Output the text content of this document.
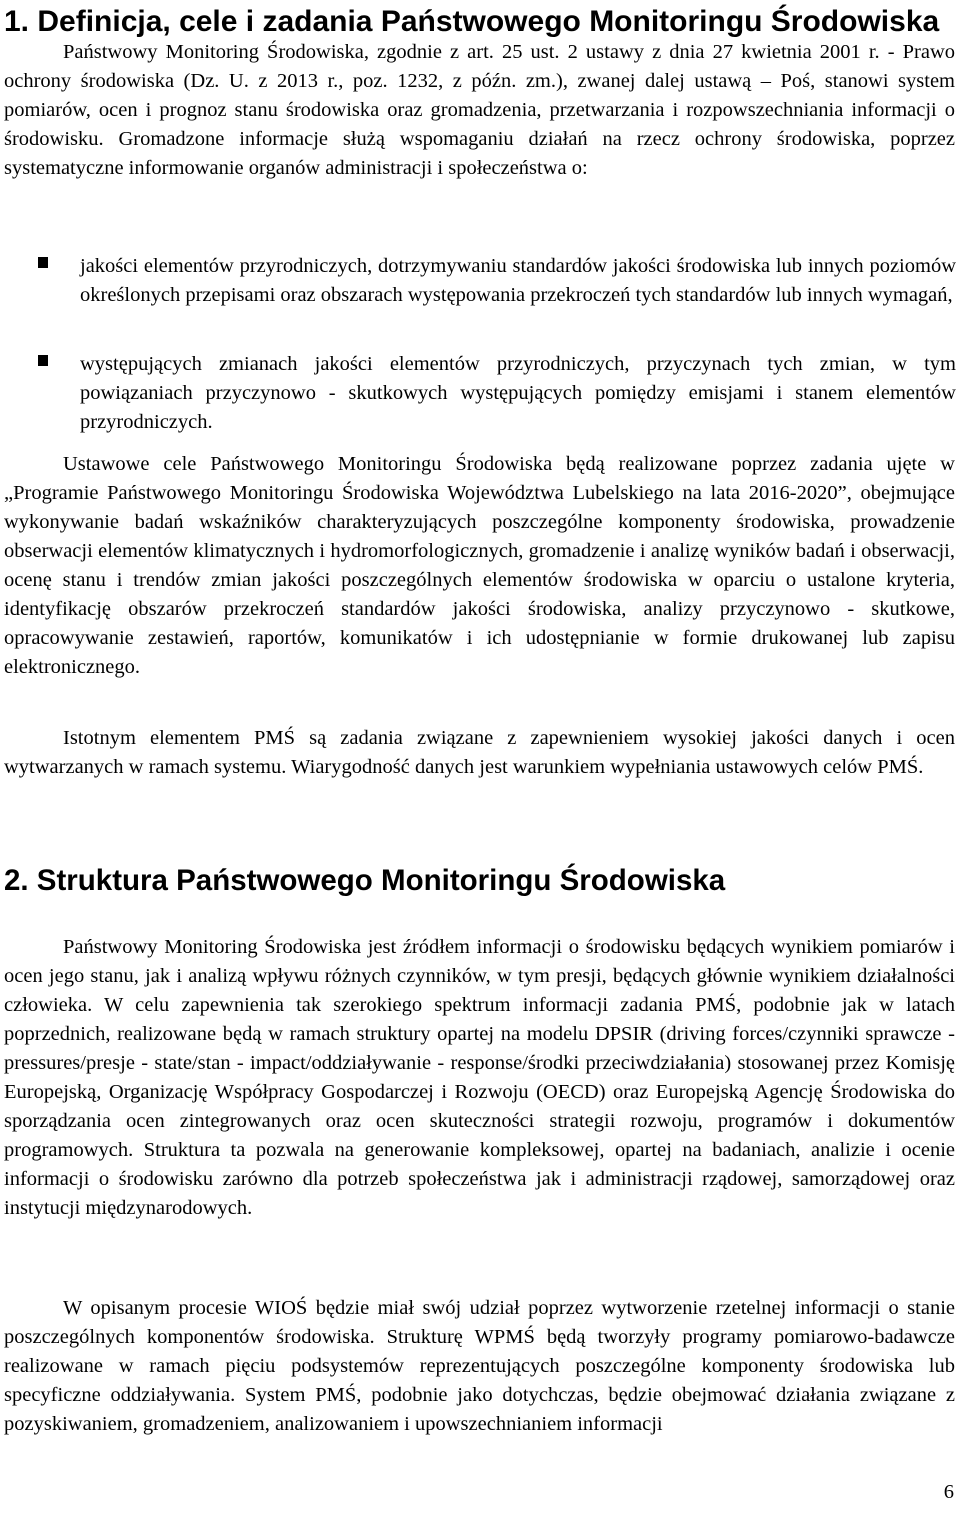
1. Definicja, cele i zadania Państwowego Monitoringu Środowiska

Państwowy Monitoring Środowiska, zgodnie z art. 25 ust. 2 ustawy z dnia 27 kwietnia 2001 r. - Prawo ochrony środowiska (Dz. U. z 2013 r., poz. 1232, z późn. zm.), zwanej dalej ustawą – Poś, stanowi system pomiarów, ocen i prognoz stanu środowiska oraz gromadzenia, przetwarzania i rozpowszechniania informacji o środowisku. Gromadzone informacje służą wspomaganiu działań na rzecz ochrony środowiska, poprzez systematyczne informowanie organów administracji i społeczeństwa o:

jakości elementów przyrodniczych, dotrzymywaniu standardów jakości środowiska lub innych poziomów określonych przepisami oraz obszarach występowania przekroczeń tych standardów lub innych wymagań,

występujących zmianach jakości elementów przyrodniczych, przyczynach tych zmian, w tym powiązaniach przyczynowo - skutkowych występujących pomiędzy emisjami i stanem elementów przyrodniczych.

Ustawowe cele Państwowego Monitoringu Środowiska będą realizowane poprzez zadania ujęte w „Programie Państwowego Monitoringu Środowiska Województwa Lubelskiego na lata 2016-2020”, obejmujące wykonywanie badań wskaźników charakteryzujących poszczególne komponenty środowiska, prowadzenie obserwacji elementów klimatycznych i hydromorfologicznych, gromadzenie i analizę wyników badań i obserwacji, ocenę stanu i trendów zmian jakości poszczególnych elementów środowiska w oparciu o ustalone kryteria, identyfikację obszarów przekroczeń standardów jakości środowiska, analizy przyczynowo - skutkowe, opracowywanie zestawień, raportów, komunikatów i ich udostępnianie w formie drukowanej lub zapisu elektronicznego.

Istotnym elementem PMŚ są zadania związane z zapewnieniem wysokiej jakości danych i ocen wytwarzanych w ramach systemu. Wiarygodność danych jest warunkiem wypełniania ustawowych celów PMŚ.

2. Struktura Państwowego Monitoringu Środowiska

Państwowy Monitoring Środowiska jest źródłem informacji o środowisku będących wynikiem pomiarów i ocen jego stanu, jak i analizą wpływu różnych czynników, w tym presji, będących głównie wynikiem działalności człowieka. W celu zapewnienia tak szerokiego spektrum informacji zadania PMŚ, podobnie jak w latach poprzednich, realizowane będą w ramach struktury opartej na modelu DPSIR (driving forces/czynniki sprawcze - pressures/presje - state/stan - impact/oddziaływanie - response/środki przeciwdziałania) stosowanej przez Komisję Europejską, Organizację Współpracy Gospodarczej i Rozwoju (OECD) oraz Europejską Agencję Środowiska do sporządzania ocen zintegrowanych oraz ocen skuteczności strategii rozwoju, programów i dokumentów programowych. Struktura ta pozwala na generowanie kompleksowej, opartej na badaniach, analizie i ocenie informacji o środowisku zarówno dla potrzeb społeczeństwa jak i administracji rządowej, samorządowej oraz instytucji międzynarodowych.

W opisanym procesie WIOŚ będzie miał swój udział poprzez wytworzenie rzetelnej informacji o stanie poszczególnych komponentów środowiska. Strukturę WPMŚ będą tworzyły programy pomiarowo-badawcze realizowane w ramach pięciu podsystemów reprezentujących poszczególne komponenty środowiska lub specyficzne oddziaływania. System PMŚ, podobnie jako dotychczas, będzie obejmować działania związane z pozyskiwaniem, gromadzeniem, analizowaniem i upowszechnianiem informacji

6
